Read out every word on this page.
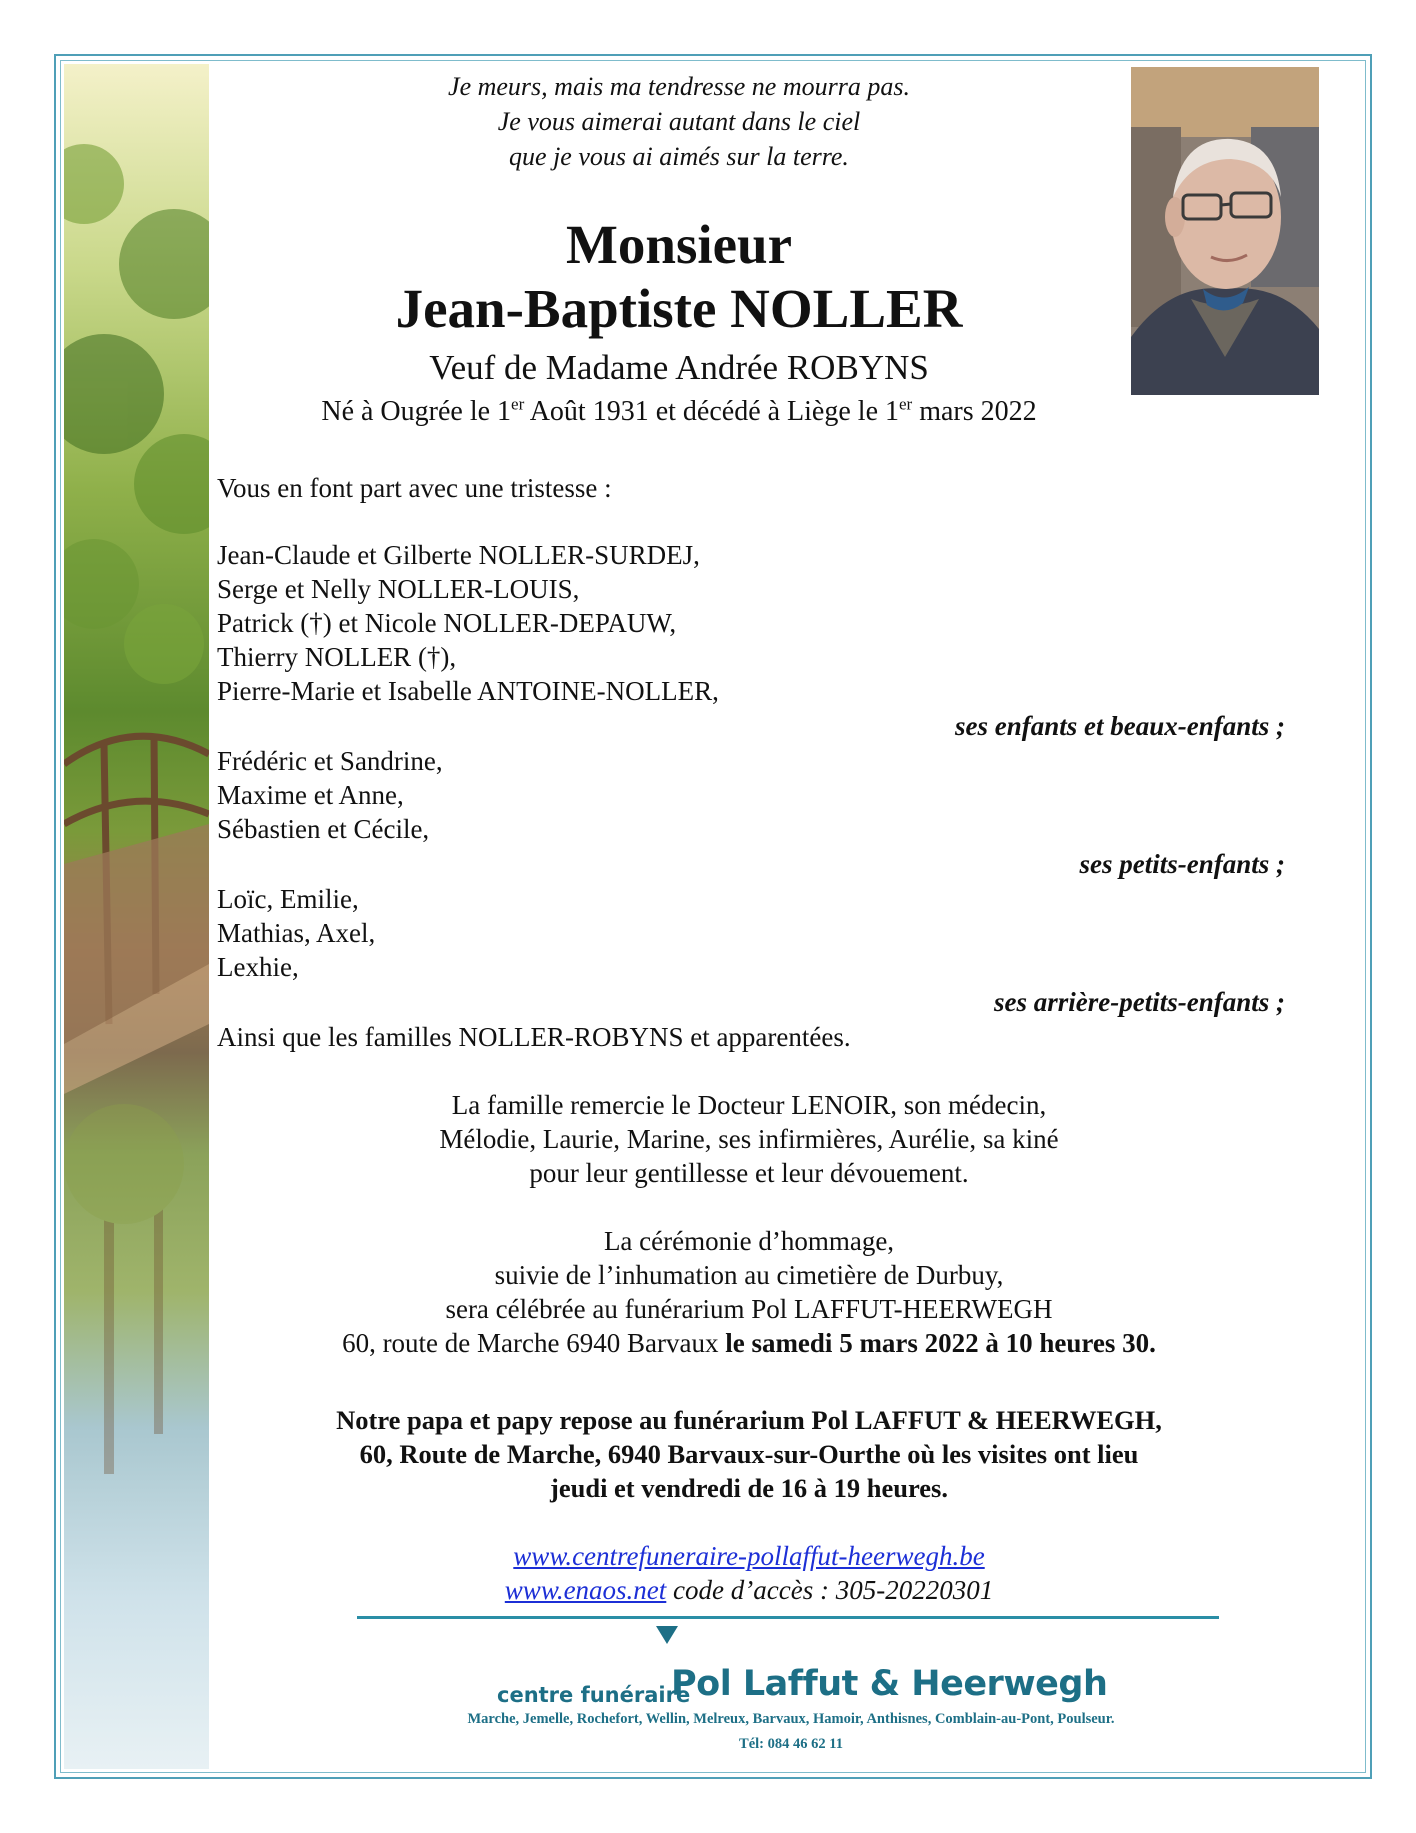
Je meurs, mais ma tendresse ne mourra pas.
Je vous aimerai autant dans le ciel
que je vous ai aimés sur la terre.
Monsieur
Jean-Baptiste NOLLER
Veuf de Madame Andrée ROBYNS
Né à Ougrée le 1er Août 1931 et décédé à Liège le 1er mars 2022
Vous en font part avec une tristesse :
Jean-Claude et Gilberte NOLLER-SURDEJ,
Serge et Nelly NOLLER-LOUIS,
Patrick (†) et Nicole NOLLER-DEPAUW,
Thierry NOLLER (†),
Pierre-Marie et Isabelle ANTOINE-NOLLER,
ses enfants et beaux-enfants ;
Frédéric et Sandrine,
Maxime et Anne,
Sébastien et Cécile,
ses petits-enfants ;
Loïc, Emilie,
Mathias, Axel,
Lexhie,
ses arrière-petits-enfants ;
Ainsi que les familles NOLLER-ROBYNS et apparentées.
La famille remercie le Docteur LENOIR, son médecin,
Mélodie, Laurie, Marine, ses infirmières, Aurélie, sa kiné
pour leur gentillesse et leur dévouement.
La cérémonie d’hommage,
suivie de l’inhumation au cimetière de Durbuy,
sera célébrée au funérarium Pol LAFFUT-HEERWEGH
60, route de Marche 6940 Barvaux le samedi 5 mars 2022 à 10 heures 30.
Notre papa et papy repose au funérarium Pol LAFFUT & HEERWEGH,
60, Route de Marche, 6940 Barvaux-sur-Ourthe où les visites ont lieu
jeudi et vendredi de 16 à 19 heures.
www.centrefuneraire-pollaffut-heerwegh.be
www.enaos.net code d’accès : 305-20220301
centre funéraire
Pol Laffut & Heerwegh
Marche, Jemelle, Rochefort, Wellin, Melreux, Barvaux, Hamoir, Anthisnes, Comblain-au-Pont, Poulseur.
Tél: 084 46 62 11
